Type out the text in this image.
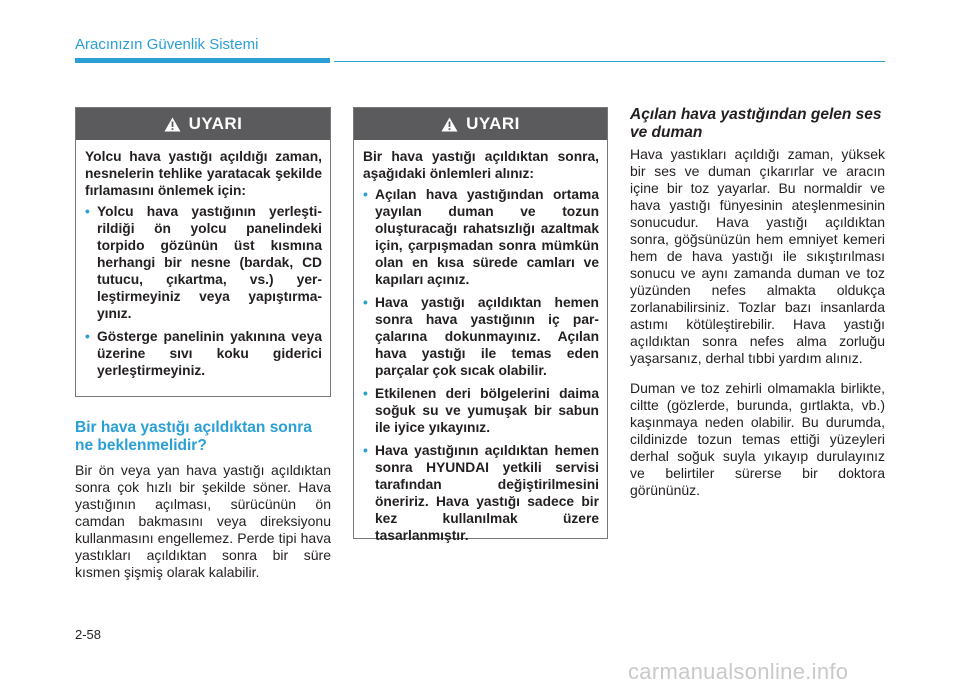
Aracınızın Güvenlik Sistemi
UYARI

Yolcu hava yastığı açıldığı zaman, nesnelerin tehlike yaratacak şekilde fırlamasını önlemek için:

• Yolcu hava yastığının yerleştirildiği ön yolcu panelindeki torpido gözünün üst kısmına herhangi bir nesne (bardak, CD tutucu, çıkartma, vs.) yerleştirmeyiniz veya yapıştırmayınız.
• Gösterge panelinin yakınına veya üzerine sıvı koku giderici yerleştirmeyiniz.
Bir hava yastığı açıldıktan sonra ne beklenmelidir?

Bir ön veya yan hava yastığı açıldıktan sonra çok hızlı bir şekilde söner. Hava yastığının açılması, sürücünün ön camdan bakmasını veya direksiyonu kullanmasını engellemez. Perde tipi hava yastıkları açıldıktan sonra bir süre kısmen şişmiş olarak kalabilir.

UYARI

Bir hava yastığı açıldıktan sonra, aşağıdaki önlemleri alınız:

• Açılan hava yastığından ortama yayılan duman ve tozun oluşturacağı rahatsızlığı azaltmak için, çarpışmadan sonra mümkün olan en kısa sürede camları ve kapıları açınız.
• Hava yastığı açıldıktan hemen sonra hava yastığının iç parçalarına dokunmayınız. Açılan hava yastığı ile temas eden parçalar çok sıcak olabilir.
• Etkilenen deri bölgelerini daima soğuk su ve yumuşak bir sabun ile iyice yıkayınız.
• Hava yastığının açıldıktan hemen sonra HYUNDAI yetkili servisi tarafından değiştirilmesini öneririz. Hava yastığı sadece bir kez kullanılmak üzere tasarlanmıştır.
Açılan hava yastığından gelen ses ve duman

Hava yastıkları açıldığı zaman, yüksek bir ses ve duman çıkarırlar ve aracın içine bir toz yayarlar. Bu normaldir ve hava yastığı fünyesinin ateşlenmesinin sonucudur. Hava yastığı açıldıktan sonra, göğsünüzün hem emniyet kemeri hem de hava yastığı ile sıkıştırılması sonucu ve aynı zamanda duman ve toz yüzünden nefes almakta oldukça zorlanabilirsiniz. Tozlar bazı insanlarda astımı kötüleştirebilir. Hava yastığı açıldıktan sonra nefes alma zorluğu yaşarsanız, derhal tıbbi yardım alınız.

Duman ve toz zehirli olmamakla birlikte, ciltte (gözlerde, burunda, gırtlakta, vb.) kaşınmaya neden olabilir. Bu durumda, cildinizde tozun temas ettiği yüzeyleri derhal soğuk suyla yıkayıp durulayınız ve belirtiler sürerse bir doktora görününüz.

2-58
carmanualsonline.info
